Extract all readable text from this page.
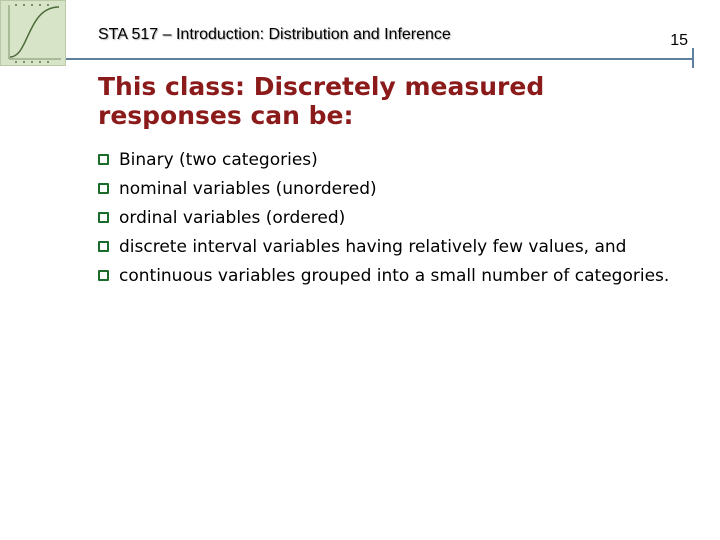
STA 517 – Introduction: Distribution and Inference	15
This class: Discretely measured responses can be:
Binary (two categories)
nominal variables (unordered)
ordinal variables (ordered)
discrete interval variables having relatively few values, and
continuous variables grouped into a small number of categories.
